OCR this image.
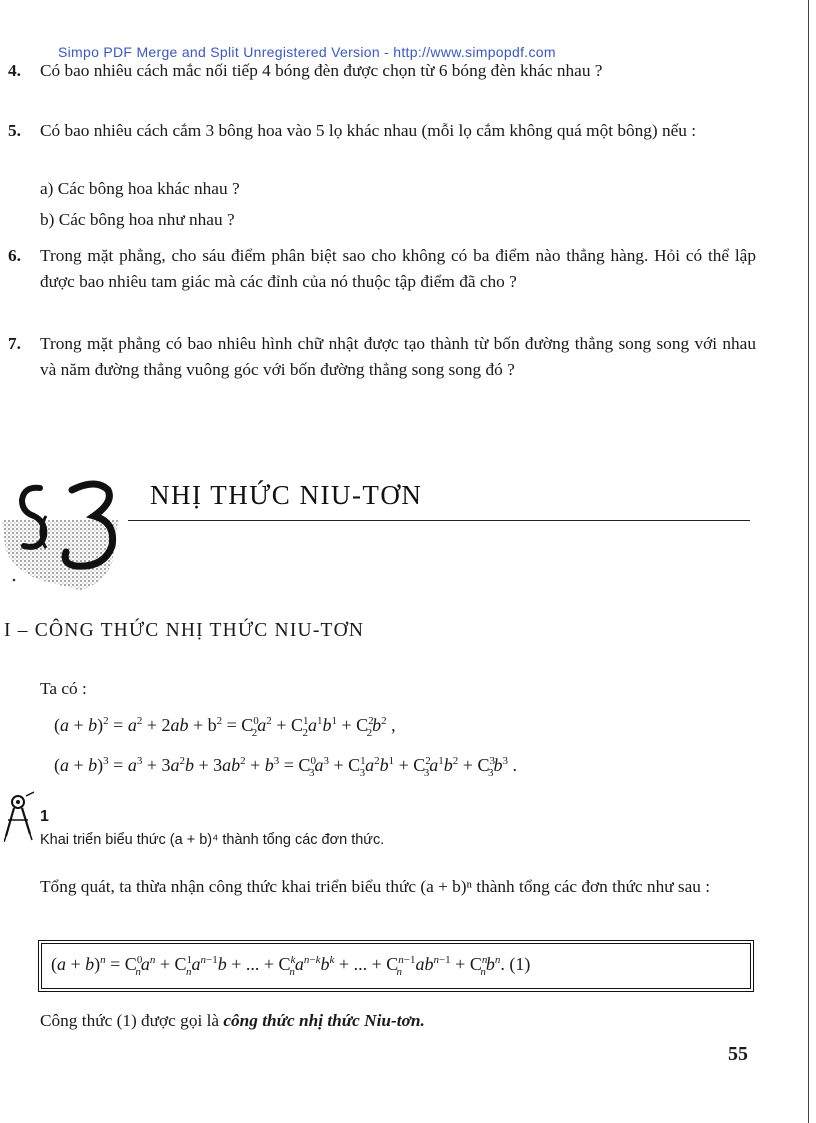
Simpo PDF Merge and Split Unregistered Version - http://www.simpopdf.com
4. Có bao nhiêu cách mắc nối tiếp 4 bóng đèn được chọn từ 6 bóng đèn khác nhau ?
5. Có bao nhiêu cách cắm 3 bông hoa vào 5 lọ khác nhau (mỗi lọ cắm không quá một bông) nếu :
a) Các bông hoa khác nhau ?
b) Các bông hoa như nhau ?
6. Trong mặt phẳng, cho sáu điểm phân biệt sao cho không có ba điểm nào thẳng hàng. Hỏi có thể lập được bao nhiêu tam giác mà các đỉnh của nó thuộc tập điểm đã cho ?
7. Trong mặt phẳng có bao nhiêu hình chữ nhật được tạo thành từ bốn đường thẳng song song với nhau và năm đường thẳng vuông góc với bốn đường thẳng song song đó ?
NHỊ THỨC NIU-TƠN
I – CÔNG THỨC NHỊ THỨC NIU-TƠN
Ta có :
$(a + b)^2 = a^2 + 2ab + b^2 = C^0_2a^2 + C^1_2a^1b^1 + C^2_2b^2$ ,
$(a + b)^3 = a^3 + 3a^2b + 3ab^2 + b^3 = C^0_3a^3 + C^1_3a^2b^1 + C^2_3a^1b^2 + C^3_3b^3$ .
1
Khai triển biểu thức (a + b)⁴ thành tổng các đơn thức.
Tổng quát, ta thừa nhận công thức khai triển biểu thức (a + b)ⁿ thành tổng các đơn thức như sau :
$(a + b)^n = C^0_na^n + C^1_na^{n-1}b$ + ... + $C^k_na^{n-k}b^k$ + ... + $C^{n-1}_n$ $ab^{n-1} + C^n_nb^n$. (1)
Công thức (1) được gọi là công thức nhị thức Niu-tơn.
55
